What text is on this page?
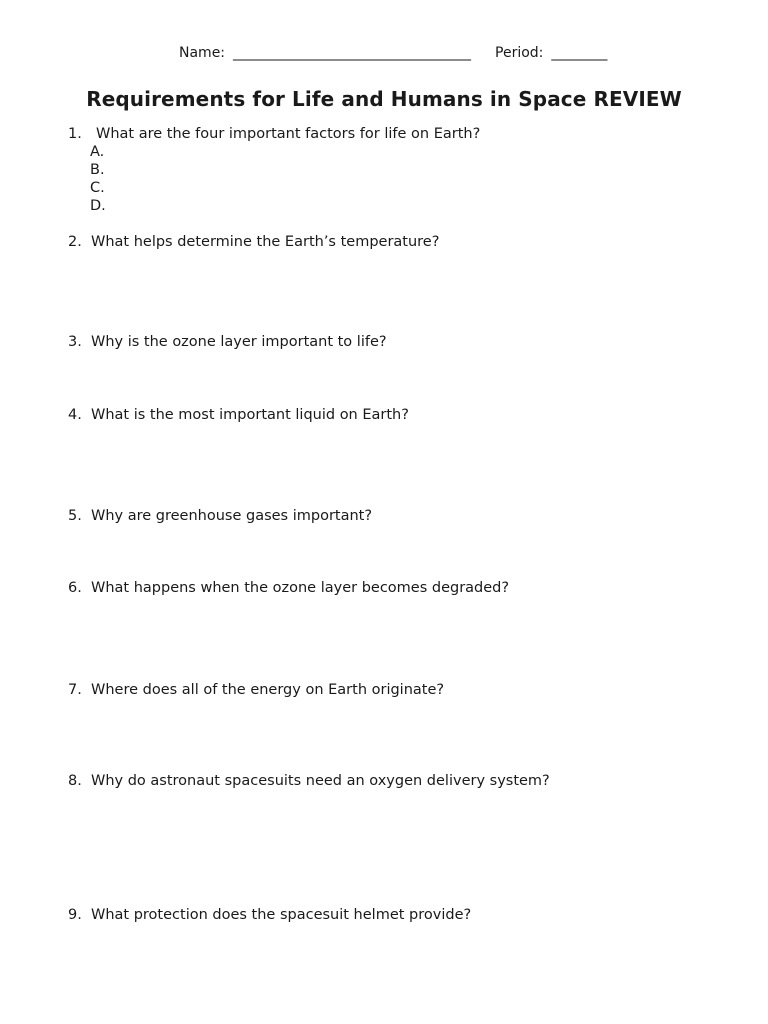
Name: __________________________________ Period: ________
Requirements for Life and Humans in Space REVIEW
1. What are the four important factors for life on Earth?
A.
B.
C.
D.
2. What helps determine the Earth’s temperature?
3. Why is the ozone layer important to life?
4. What is the most important liquid on Earth?
5. Why are greenhouse gases important?
6. What happens when the ozone layer becomes degraded?
7. Where does all of the energy on Earth originate?
8. Why do astronaut spacesuits need an oxygen delivery system?
9. What protection does the spacesuit helmet provide?
